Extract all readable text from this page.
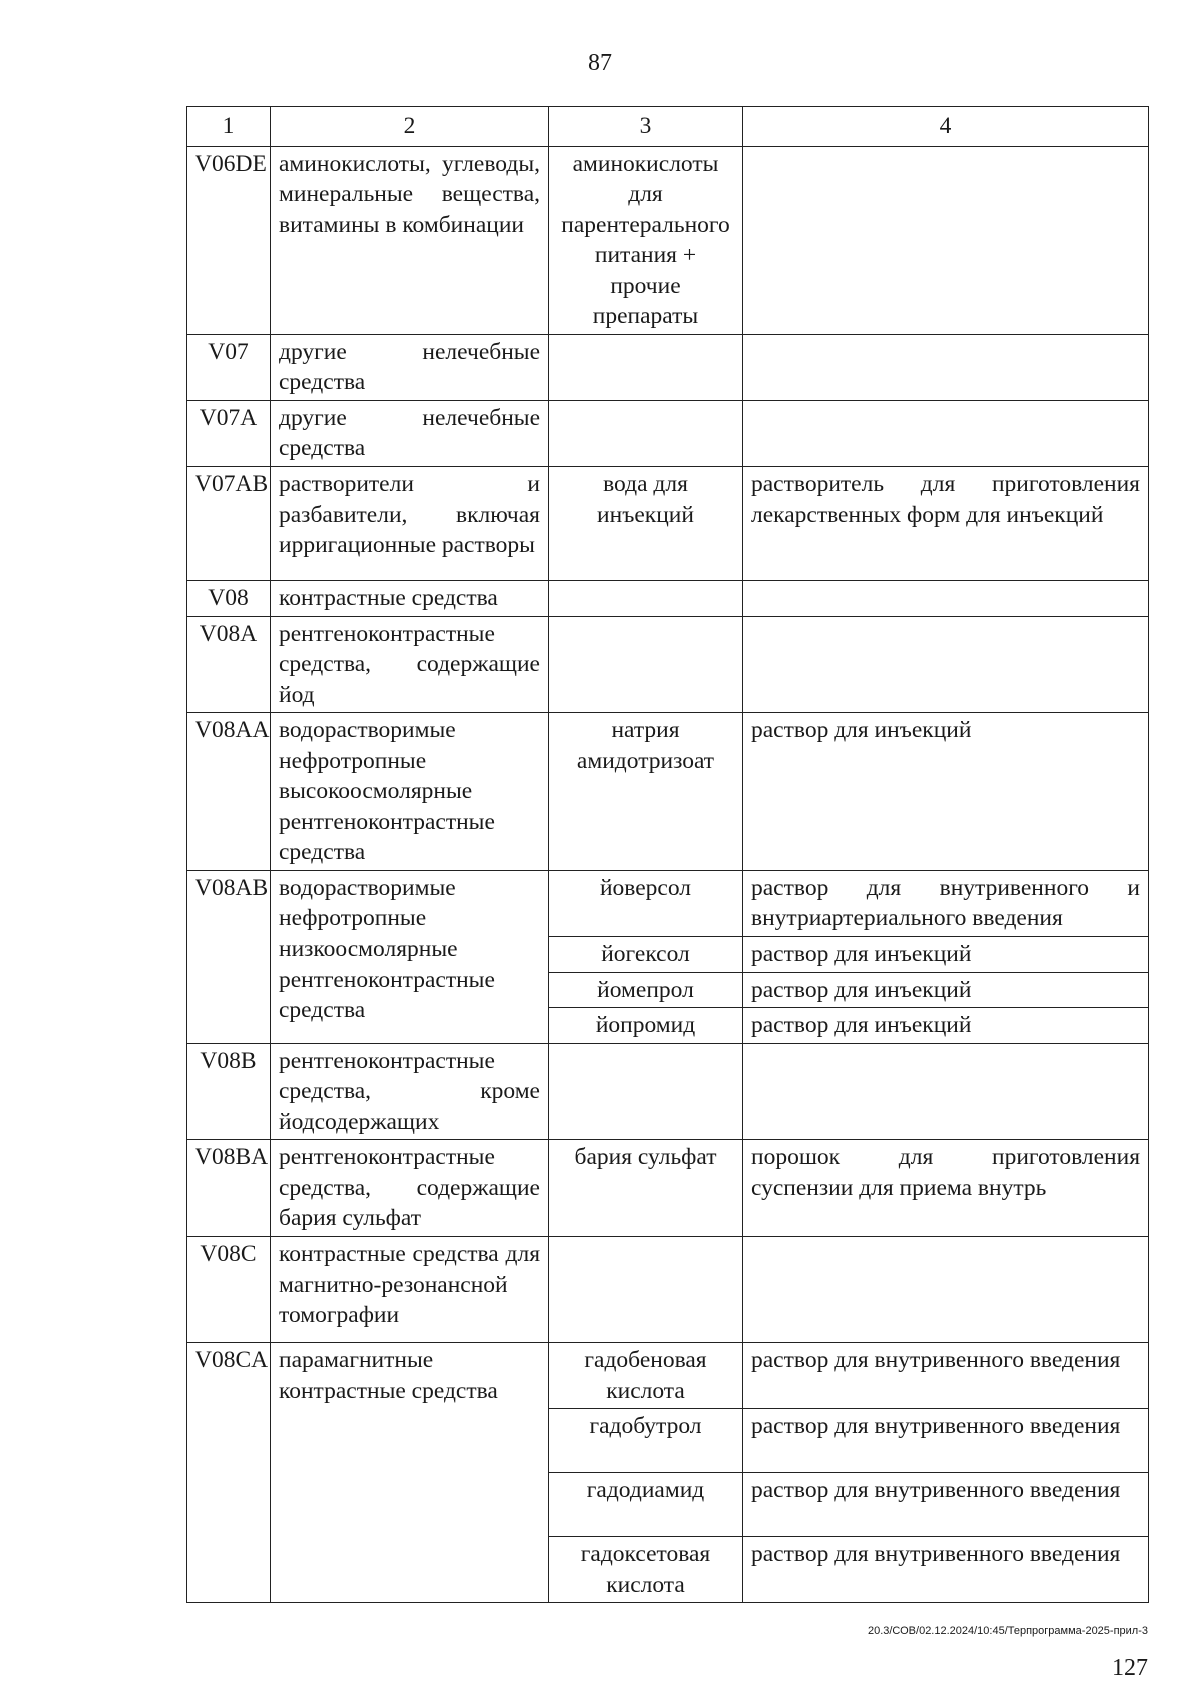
87
1	2	3	4
V06DE	аминокислоты, углеводы, минеральные вещества, витамины в комбинации	аминокислоты для парентерального питания + прочие препараты	
V07	другие нелечебные средства		
V07A	другие нелечебные средства		
V07AB	растворители и разбавители, включая ирригационные растворы	вода для инъекций	растворитель для приготовления лекарственных форм для инъекций
V08	контрастные средства		
V08A	рентгеноконтрастные средства, содержащие йод		
V08AA	водорастворимые нефротропные высокоосмолярные рентгеноконтрастные средства	натрия амидотризоат	раствор для инъекций
V08AB	водорастворимые нефротропные низкоосмолярные рентгеноконтрастные средства	йоверсол	раствор для внутривенного и внутриартериального введения
		йогексол	раствор для инъекций
		йомепрол	раствор для инъекций
		йопромид	раствор для инъекций
V08B	рентгеноконтрастные средства, кроме йодсодержащих		
V08BA	рентгеноконтрастные средства, содержащие бария сульфат	бария сульфат	порошок для приготовления суспензии для приема внутрь
V08C	контрастные средства для магнитно-резонансной томографии		
V08CA	парамагнитные контрастные средства	гадобеновая кислота	раствор для внутривенного введения
		гадобутрол	раствор для внутривенного введения
		гадодиамид	раствор для внутривенного введения
		гадоксетовая кислота	раствор для внутривенного введения
20.3/СОВ/02.12.2024/10:45/Терпрограмма-2025-прил-3
127
